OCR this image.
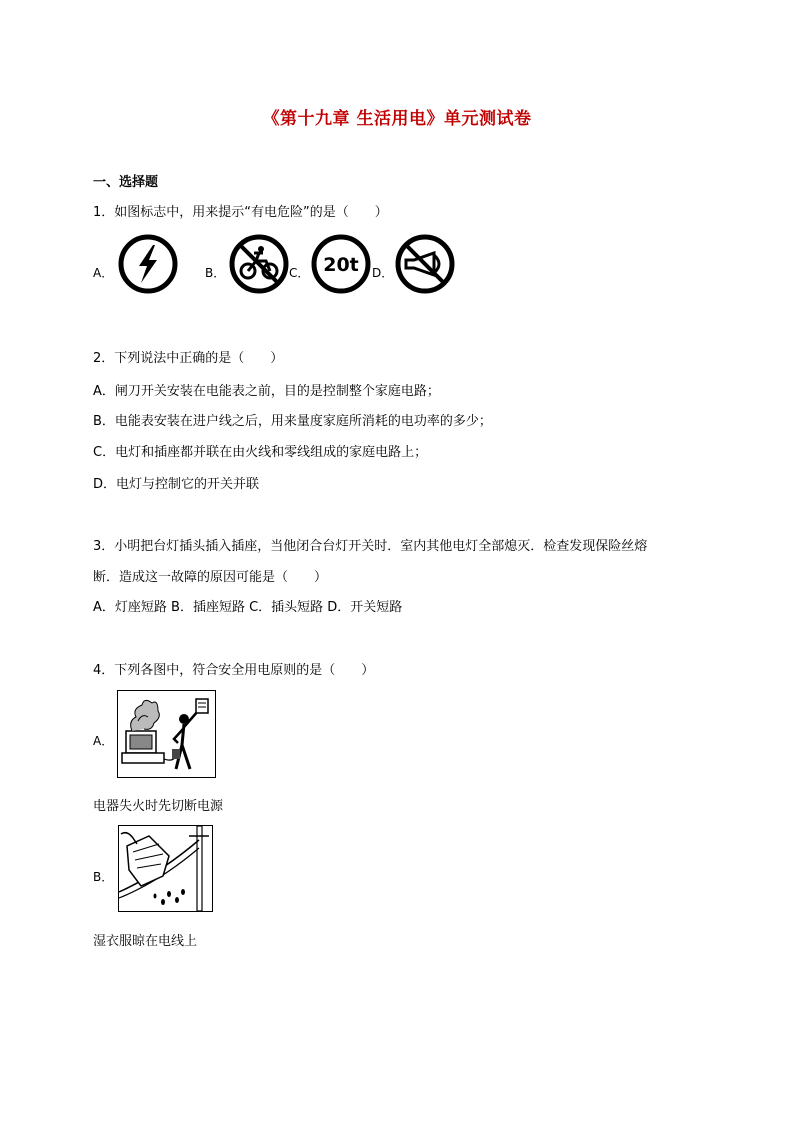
《第十九章 生活用电》单元测试卷
一、选择题
1．如图标志中，用来提示“有电危险”的是（　　）
A．	B．	C． 20t D．
2．下列说法中正确的是（　　）
A．闸刀开关安装在电能表之前，目的是控制整个家庭电路；
B．电能表安装在进户线之后，用来量度家庭所消耗的电功率的多少；
C．电灯和插座都并联在由火线和零线组成的家庭电路上；
D．电灯与控制它的开关并联
3．小明把台灯插头插入插座，当他闭合台灯开关时．室内其他电灯全部熄灭．检查发现保险丝熔
断．造成这一故障的原因可能是（　　）
A．灯座短路 B．插座短路 C．插头短路 D．开关短路
4．下列各图中，符合安全用电原则的是（　　）
A．
电器失火时先切断电源
B．
湿衣服晾在电线上
